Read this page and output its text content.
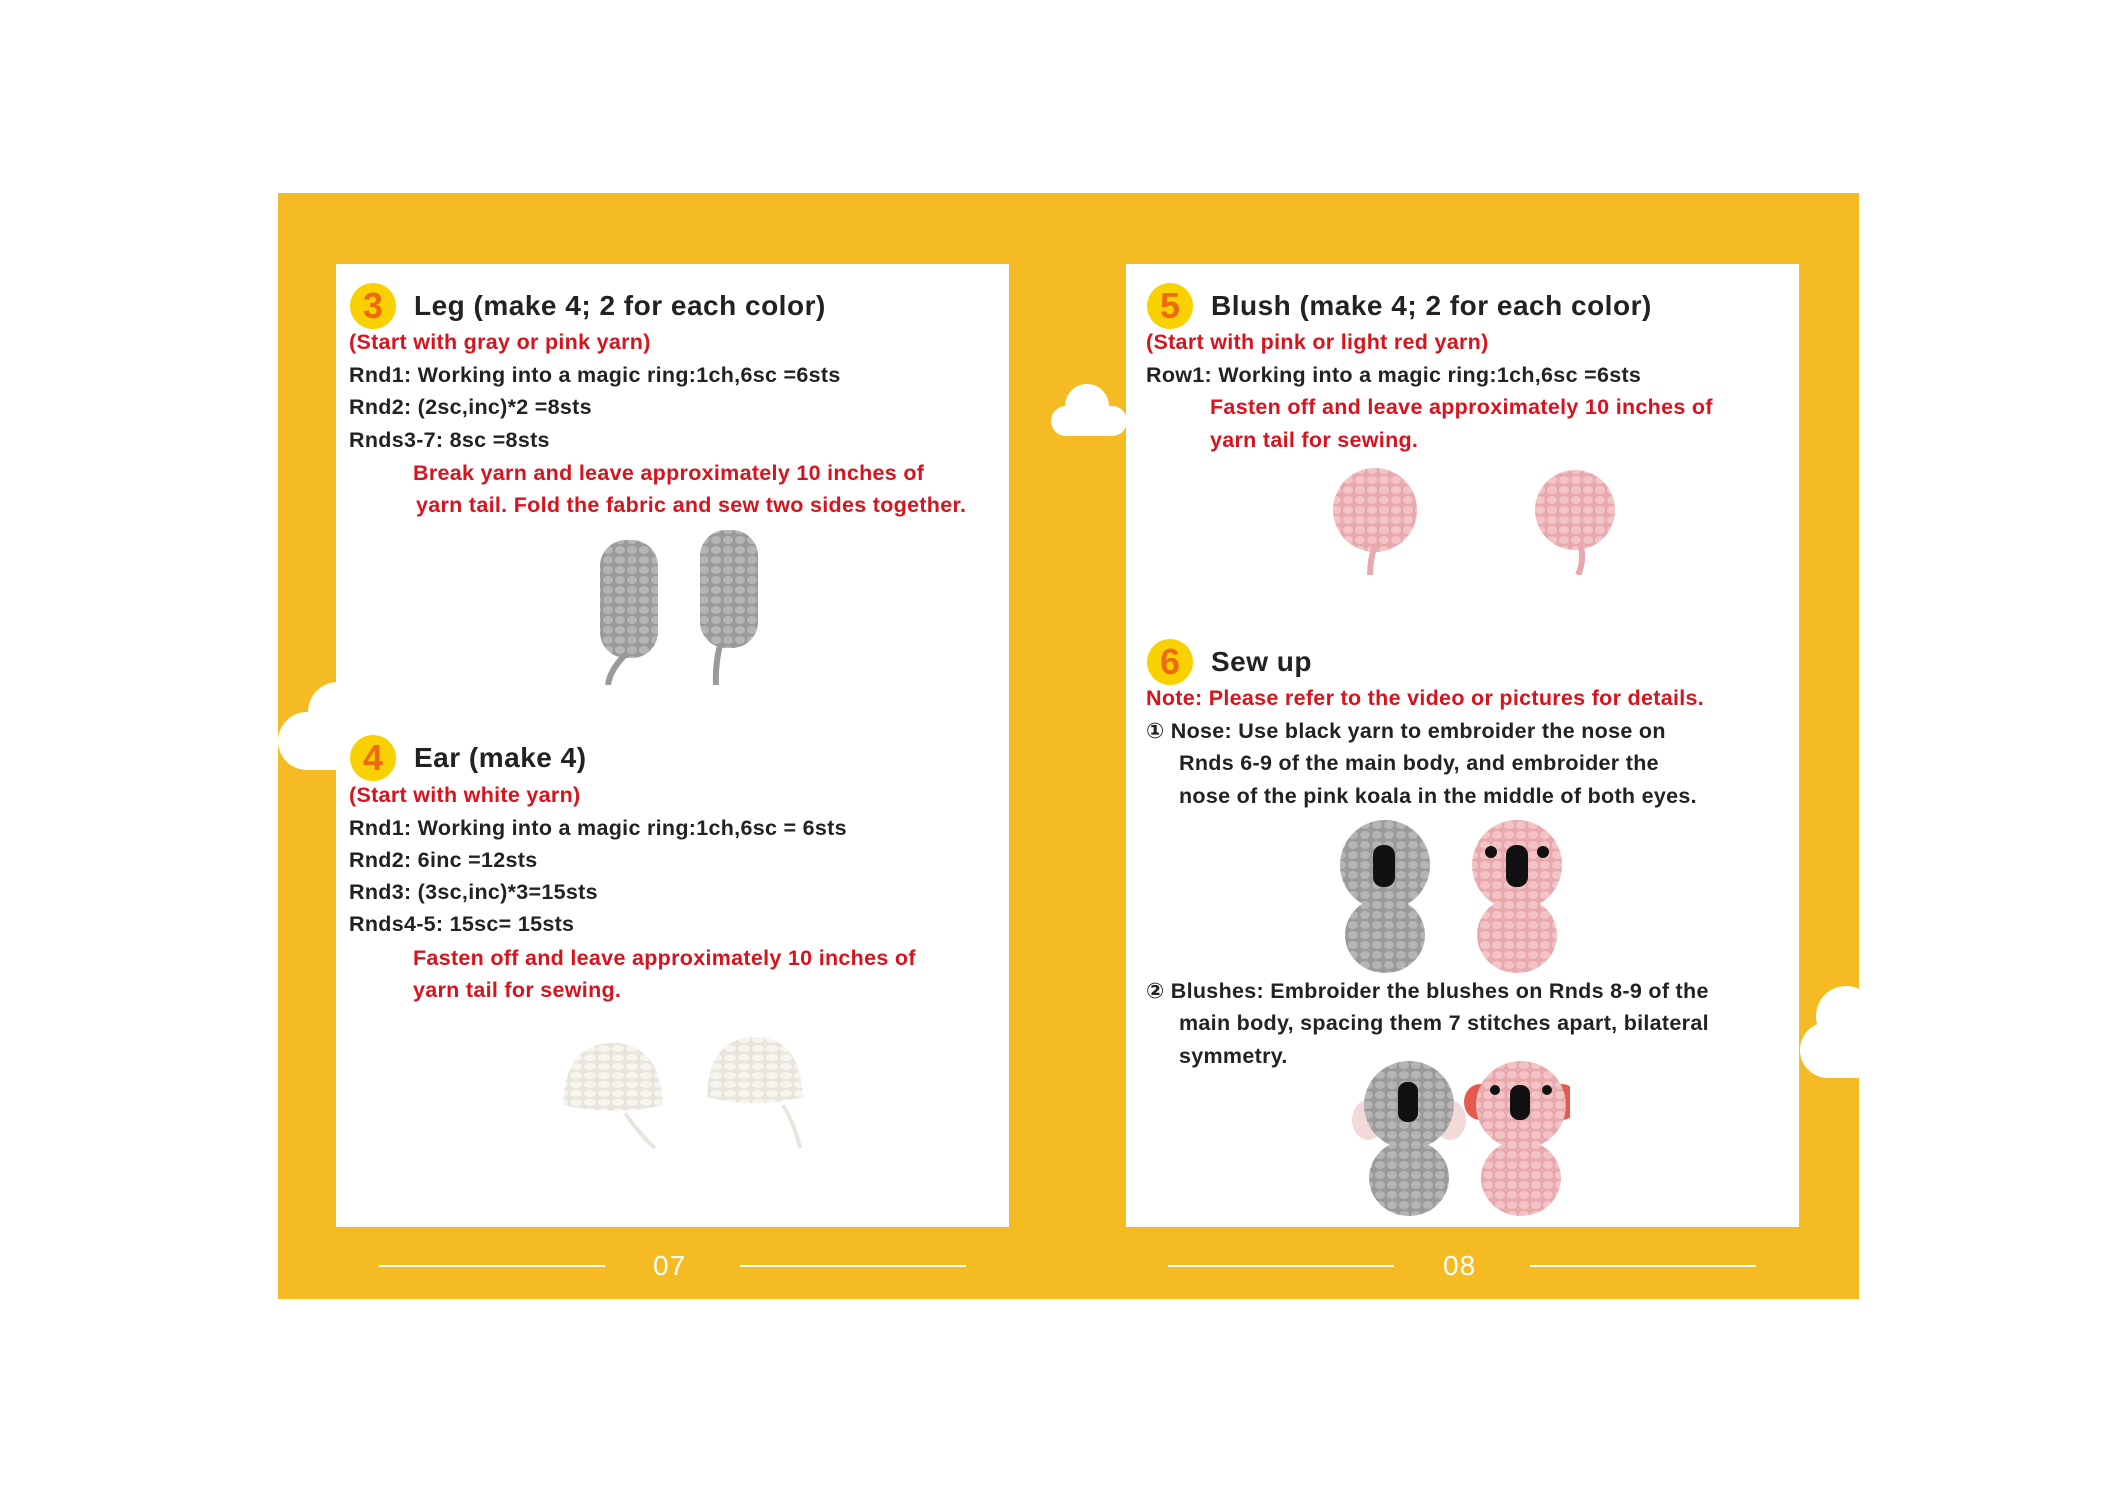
3	Leg (make 4; 2 for each color)
(Start with gray or pink yarn)
Rnd1: Working into a magic ring:1ch,6sc =6sts
Rnd2: (2sc,inc)*2 =8sts
Rnds3-7: 8sc =8sts
Break yarn and leave approximately 10 inches of
yarn tail. Fold the fabric and sew two sides together.
4	Ear (make 4)
(Start with white yarn)
Rnd1: Working into a magic ring:1ch,6sc = 6sts
Rnd2: 6inc =12sts
Rnd3: (3sc,inc)*3=15sts
Rnds4-5: 15sc= 15sts
Fasten off and leave approximately 10 inches of
yarn tail for sewing.
07
5	Blush (make 4; 2 for each color)
(Start with pink or light red yarn)
Row1: Working into a magic ring:1ch,6sc =6sts
Fasten off and leave approximately 10 inches of
yarn tail for sewing.
6	Sew up
Note: Please refer to the video or pictures for details.
① Nose: Use black yarn to embroider the nose on
Rnds 6-9 of the main body, and embroider the
nose of the pink koala in the middle of both eyes.
② Blushes: Embroider the blushes on Rnds 8-9 of the
main body, spacing them 7 stitches apart, bilateral
symmetry.
08
